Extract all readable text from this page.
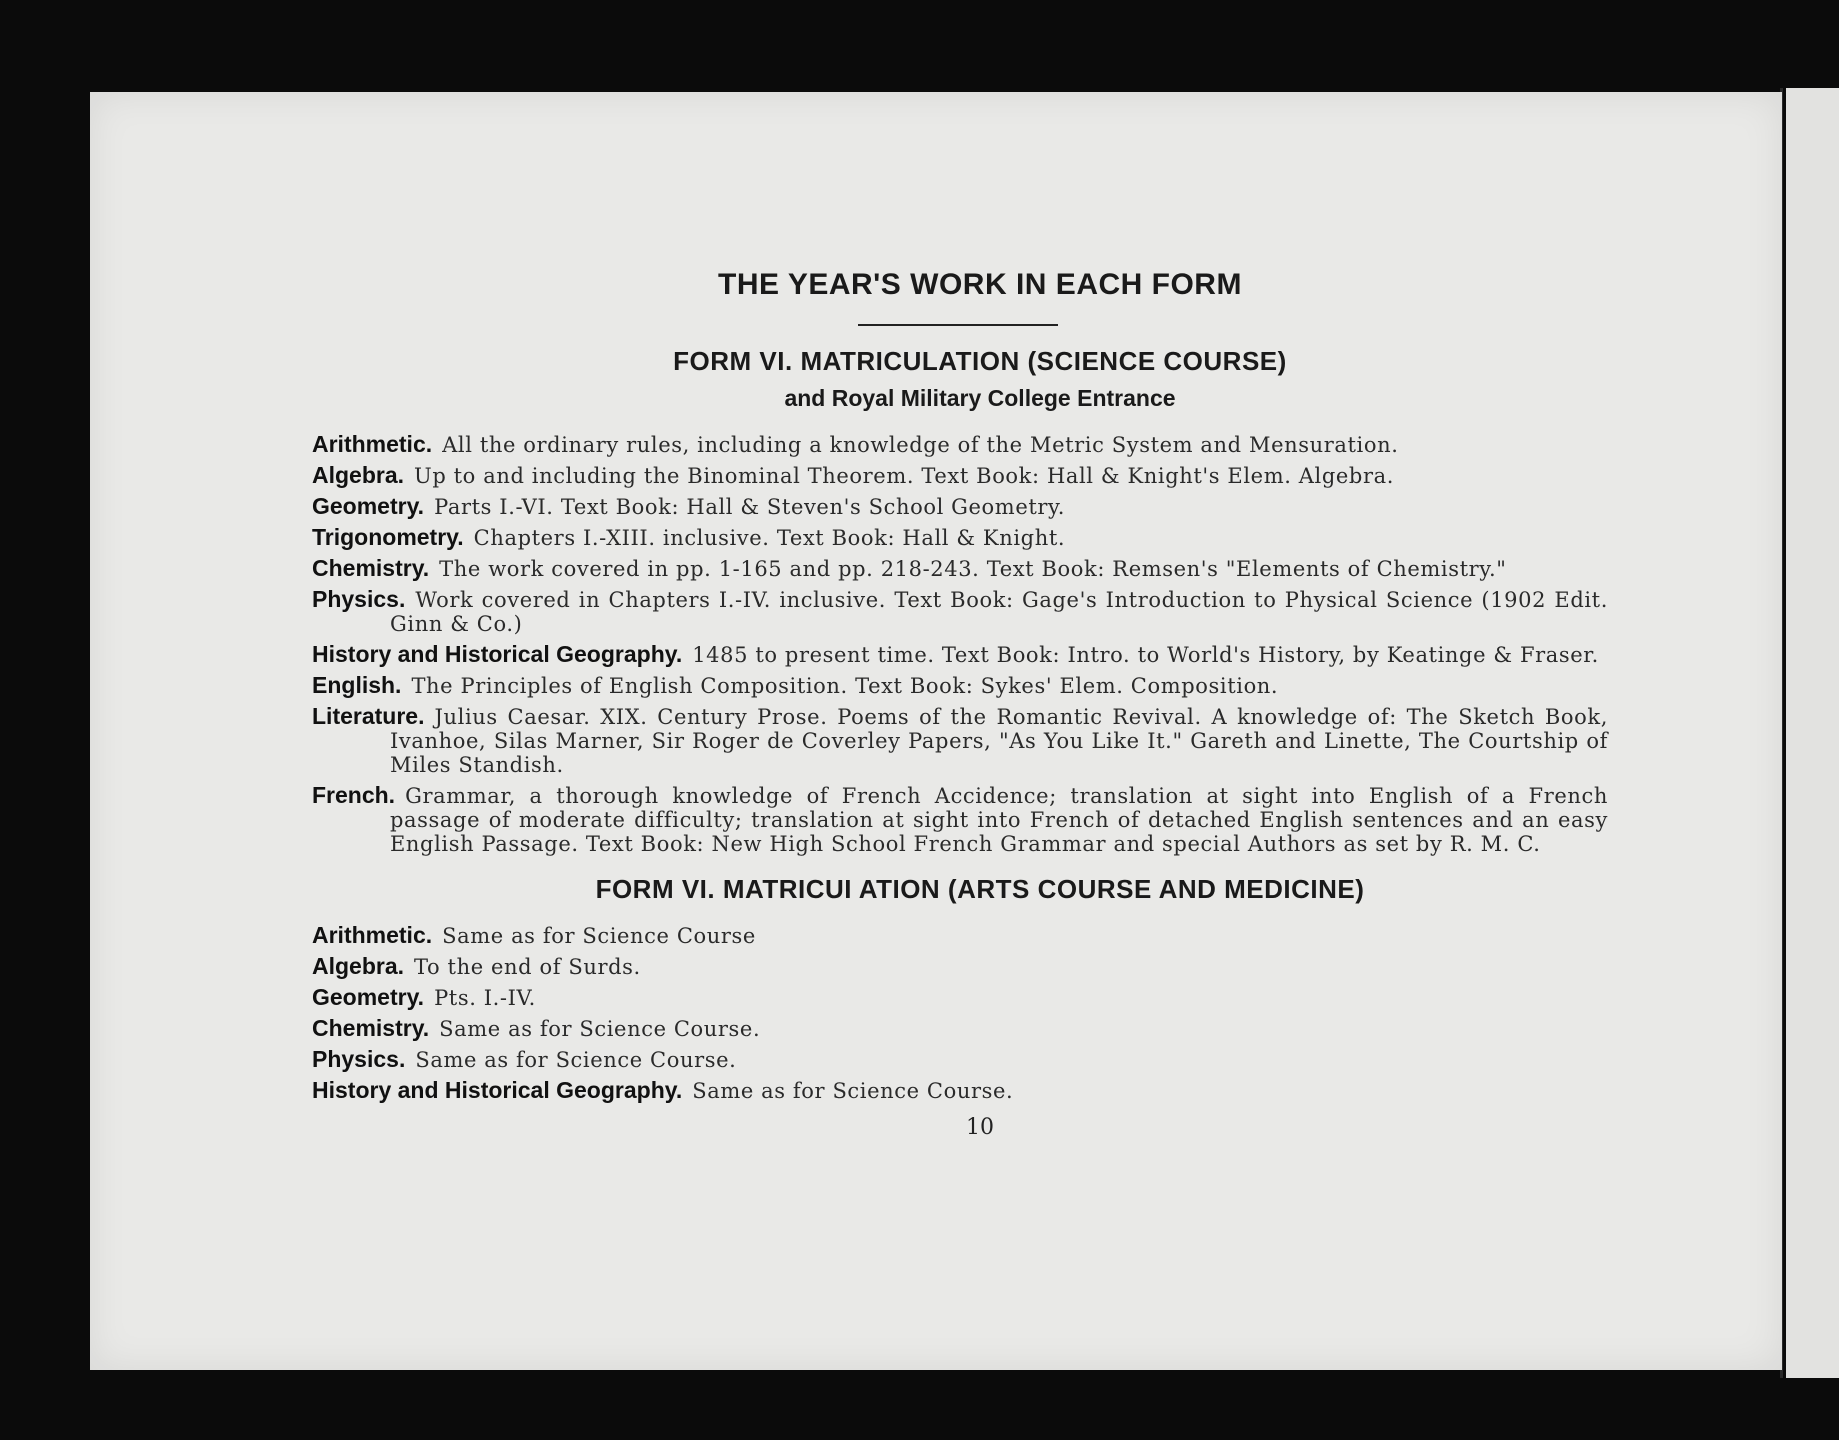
THE YEAR'S WORK IN EACH FORM
FORM VI. MATRICULATION (SCIENCE COURSE)
and Royal Military College Entrance
Arithmetic. All the ordinary rules, including a knowledge of the Metric System and Mensuration.
Algebra. Up to and including the Binominal Theorem. Text Book: Hall & Knight's Elem. Algebra.
Geometry. Parts I.-VI. Text Book: Hall & Steven's School Geometry.
Trigonometry. Chapters I.-XIII. inclusive. Text Book: Hall & Knight.
Chemistry. The work covered in pp. 1-165 and pp. 218-243. Text Book: Remsen's "Elements of Chemistry."
Physics. Work covered in Chapters I.-IV. inclusive. Text Book: Gage's Introduction to Physical Science (1902 Edit. Ginn & Co.)
History and Historical Geography. 1485 to present time. Text Book: Intro. to World's History, by Keatinge & Fraser.
English. The Principles of English Composition. Text Book: Sykes' Elem. Composition.
Literature. Julius Caesar. XIX. Century Prose. Poems of the Romantic Revival. A knowledge of: The Sketch Book, Ivanhoe, Silas Marner, Sir Roger de Coverley Papers, "As You Like It." Gareth and Linette, The Courtship of Miles Standish.
French. Grammar, a thorough knowledge of French Accidence; translation at sight into English of a French passage of moderate difficulty; translation at sight into French of detached English sentences and an easy English Passage. Text Book: New High School French Grammar and special Authors as set by R. M. C.
FORM VI. MATRICUI ATION (ARTS COURSE AND MEDICINE)
Arithmetic. Same as for Science Course
Algebra. To the end of Surds.
Geometry. Pts. I.-IV.
Chemistry. Same as for Science Course.
Physics. Same as for Science Course.
History and Historical Geography. Same as for Science Course.
10
